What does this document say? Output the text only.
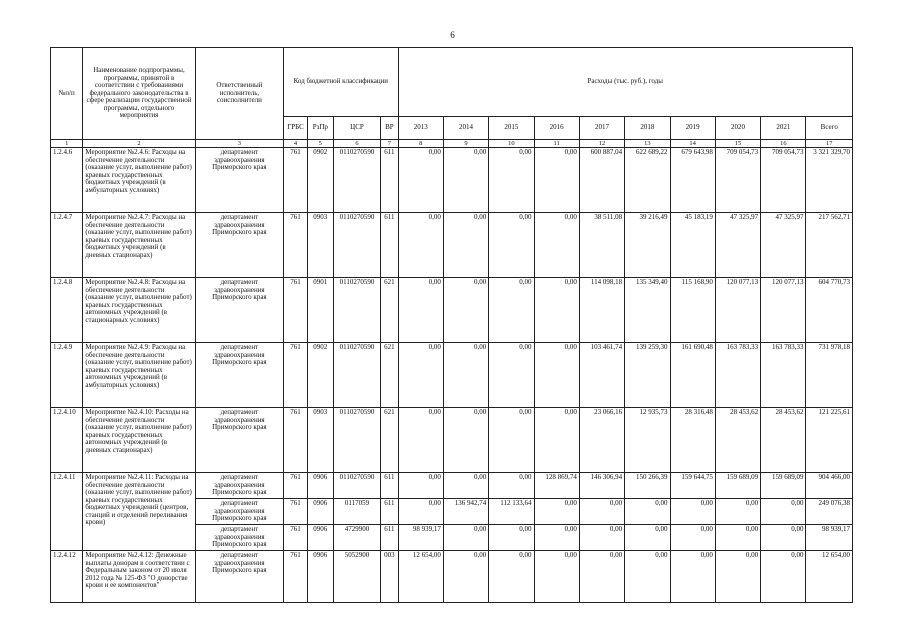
6
№п/п	Наименование подпрограммы, программы, принятой в соответствии с требованиями федерального законодательства в сфере реализации государственной программы, отдельного мероприятия	Ответственный исполнитель, соисполнители	Код бюджетной классификации				Расходы (тыс. руб.), годы									
			ГРБС	РзПр	ЦСР	ВР	2013	2014	2015	2016	2017	2018	2019	2020	2021	Всего
1	2	3	4	5	6	7	8	9	10	11	12	13	14	15	16	17
1.2.4.6	Мероприятие №2.4.6: Расходы на обеспечение деятельности (оказание услуг, выполнение работ) краевых государственных бюджетных учреждений (в амбулаторных условиях)	департамент здравоохранения Приморского края	761	0902	0110270590	611	0,00	0,00	0,00	0,00	600 887,04	622 689,22	679 643,98	709 054,73	709 054,73	3 321 329,70
1.2.4.7	Мероприятие №2.4.7: Расходы на обеспечение деятельности (оказание услуг, выполнение работ) краевых государственных бюджетных учреждений (в дневных стационарах)	департамент здравоохранения Приморского края	761	0903	0110270590	611	0,00	0,00	0,00	0,00	38 511,08	39 216,49	45 183,19	47 325,97	47 325,97	217 562,71
1.2.4.8	Мероприятие №2.4.8: Расходы на обеспечение деятельности (оказание услуг, выполнение работ) краевых государственных автономных учреждений (в стационарных условиях)	департамент здравоохранения Приморского края	761	0901	0110270590	621	0,00	0,00	0,00	0,00	114 098,18	135 349,40	115 168,90	120 077,13	120 077,13	604 770,73
1.2.4.9	Мероприятие №2.4.9: Расходы на обеспечение деятельности (оказание услуг, выполнение работ) краевых государственных автономных учреждений (в амбулаторных условиях)	департамент здравоохранения Приморского края	761	0902	0110270590	621	0,00	0,00	0,00	0,00	103 461,74	139 259,30	161 690,48	163 783,33	163 783,33	731 978,18
1.2.4.10	Мероприятие №2.4.10: Расходы на обеспечение деятельности (оказание услуг, выполнение работ) краевых государственных автономных учреждений (в дневных стационарах)	департамент здравоохранения Приморского края	761	0903	0110270590	621	0,00	0,00	0,00	0,00	23 066,16	12 935,73	28 316,48	28 453,62	28 453,62	121 225,61
1.2.4.11	Мероприятие №2.4.11: Расходы на обеспечение деятельности (оказание услуг, выполнение работ) краевых государственных бюджетных учреждений (центров, станций и отделений переливания крови)	департамент здравоохранения Приморского края	761	0906	0110270590	611	0,00	0,00	0,00	128 869,74	146 306,94	150 266,39	159 644,75	159 689,09	159 689,09	904 466,00
		департамент здравоохранения Приморского края	761	0906	0117059	611	0,00	136 942,74	112 133,64	0,00	0,00	0,00	0,00	0,00	0,00	249 076,38
		департамент здравоохранения Приморского края	761	0906	4729900	611	98 939,17	0,00	0,00	0,00	0,00	0,00	0,00	0,00	0,00	98 939,17
1.2.4.12	Мероприятие №2.4.12: Денежные выплаты донорам в соответствии с Федеральным законом от 20 июля 2012 года № 125-ФЗ "О донорстве крови и ее компонентов"	департамент здравоохранения Приморского края	761	0906	5052900	003	12 654,00	0,00	0,00	0,00	0,00	0,00	0,00	0,00	0,00	12 654,00
